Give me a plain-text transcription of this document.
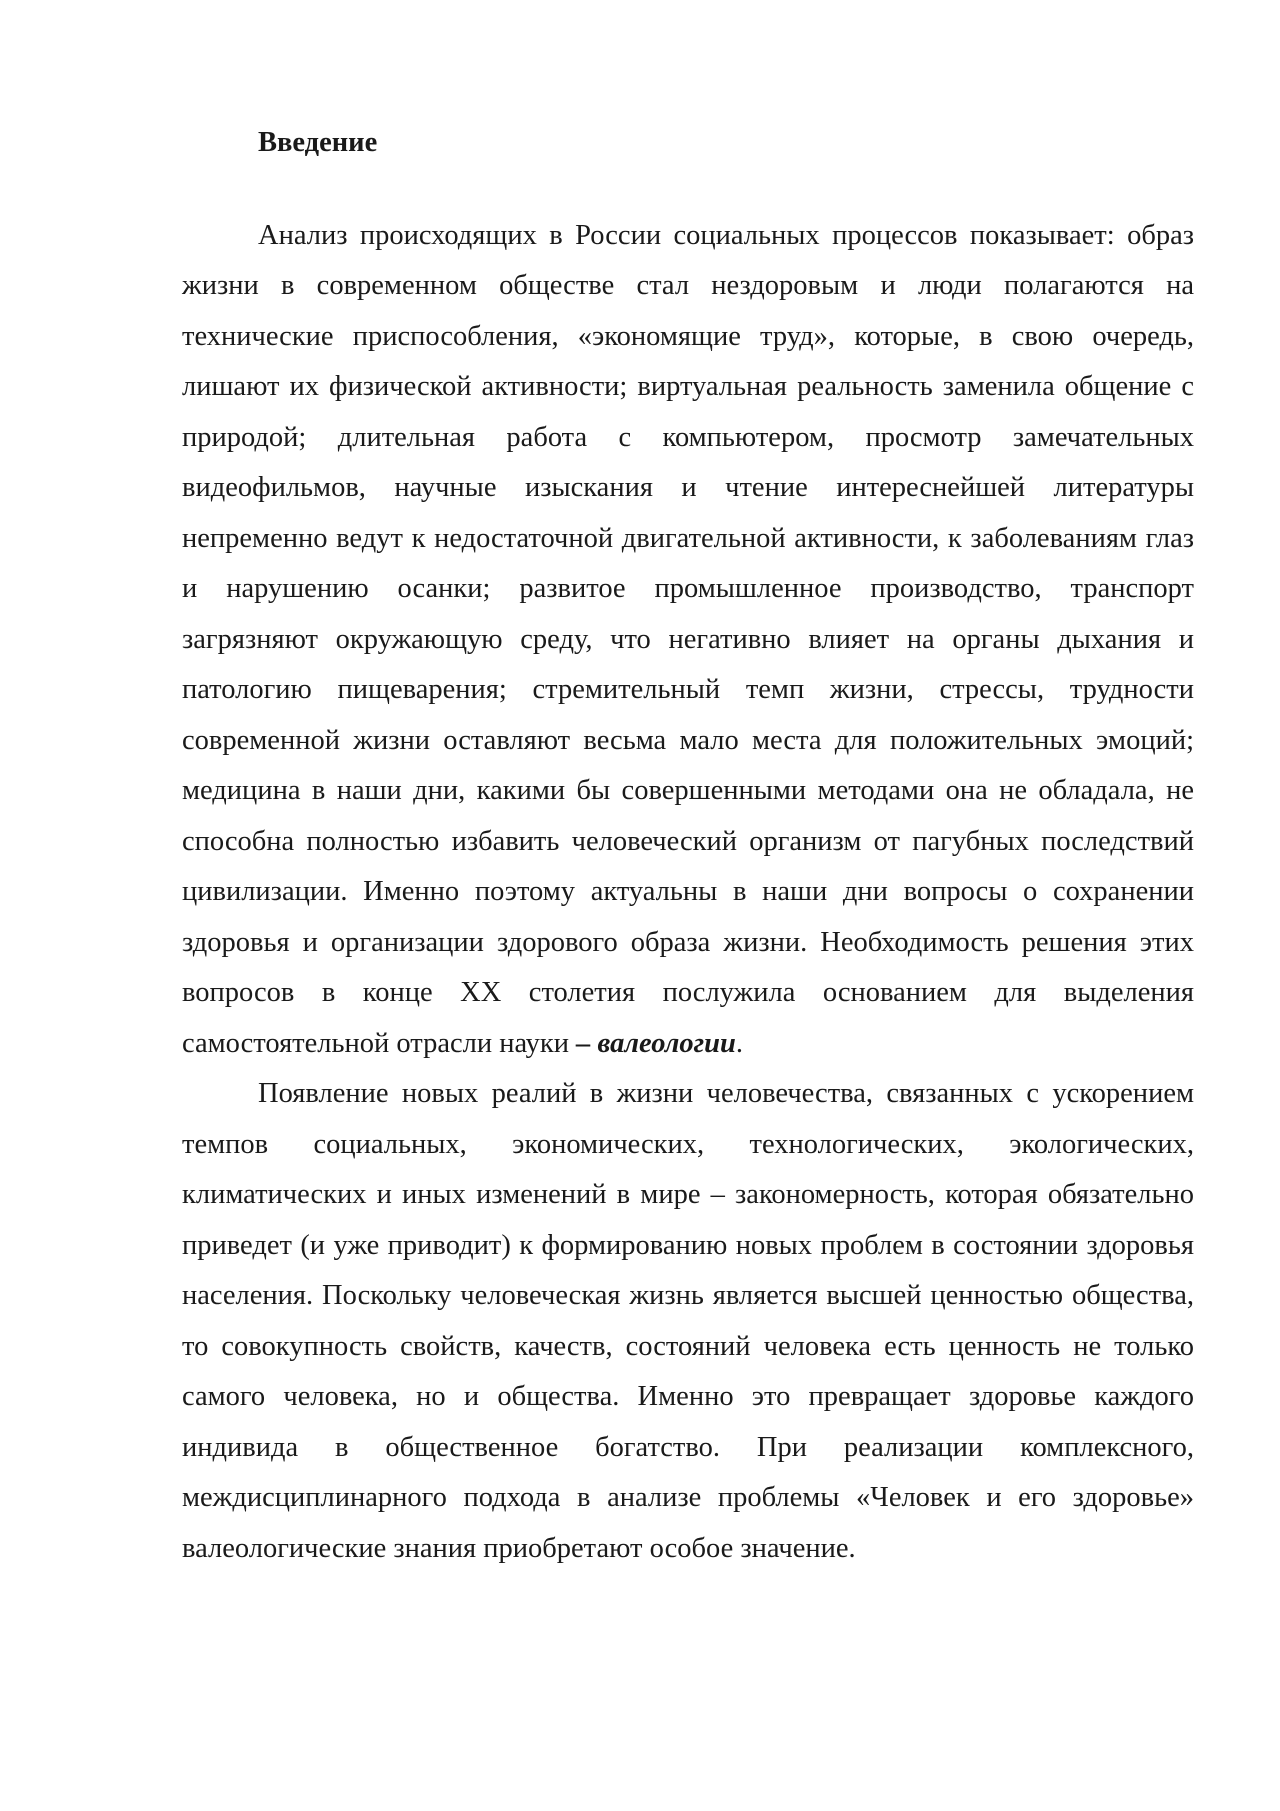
Введение

Анализ происходящих в России социальных процессов показывает: образ жизни в современном обществе стал нездоровым и люди полагаются на технические приспособления, «экономящие труд», которые, в свою очередь, лишают их физической активности; виртуальная реальность заменила общение с природой; длительная работа с компьютером, просмотр замечательных видеофильмов, научные изыскания и чтение интереснейшей литературы непременно ведут к недостаточной двигательной активности, к заболеваниям глаз и нарушению осанки; развитое промышленное производство, транспорт загрязняют окружающую среду, что негативно влияет на органы дыхания и патологию пищеварения; стремительный темп жизни, стрессы, трудности современной жизни оставляют весьма мало места для положительных эмоций; медицина в наши дни, какими бы совершенными методами она не обладала, не способна полностью избавить человеческий организм от пагубных последствий цивилизации. Именно поэтому актуальны в наши дни вопросы о сохранении здоровья и организации здорового образа жизни. Необходимость решения этих вопросов в конце XX столетия послужила основанием для выделения самостоятельной отрасли науки – валеологии.

Появление новых реалий в жизни человечества, связанных с ускорением темпов социальных, экономических, технологических, экологических, климатических и иных изменений в мире – закономерность, которая обязательно приведет (и уже приводит) к формированию новых проблем в состоянии здоровья населения. Поскольку человеческая жизнь является высшей ценностью общества, то совокупность свойств, качеств, состояний человека есть ценность не только самого человека, но и общества. Именно это превращает здоровье каждого индивида в общественное богатство. При реализации комплексного, междисциплинарного подхода в анализе проблемы «Человек и его здоровье» валеологические знания приобретают особое значение.
